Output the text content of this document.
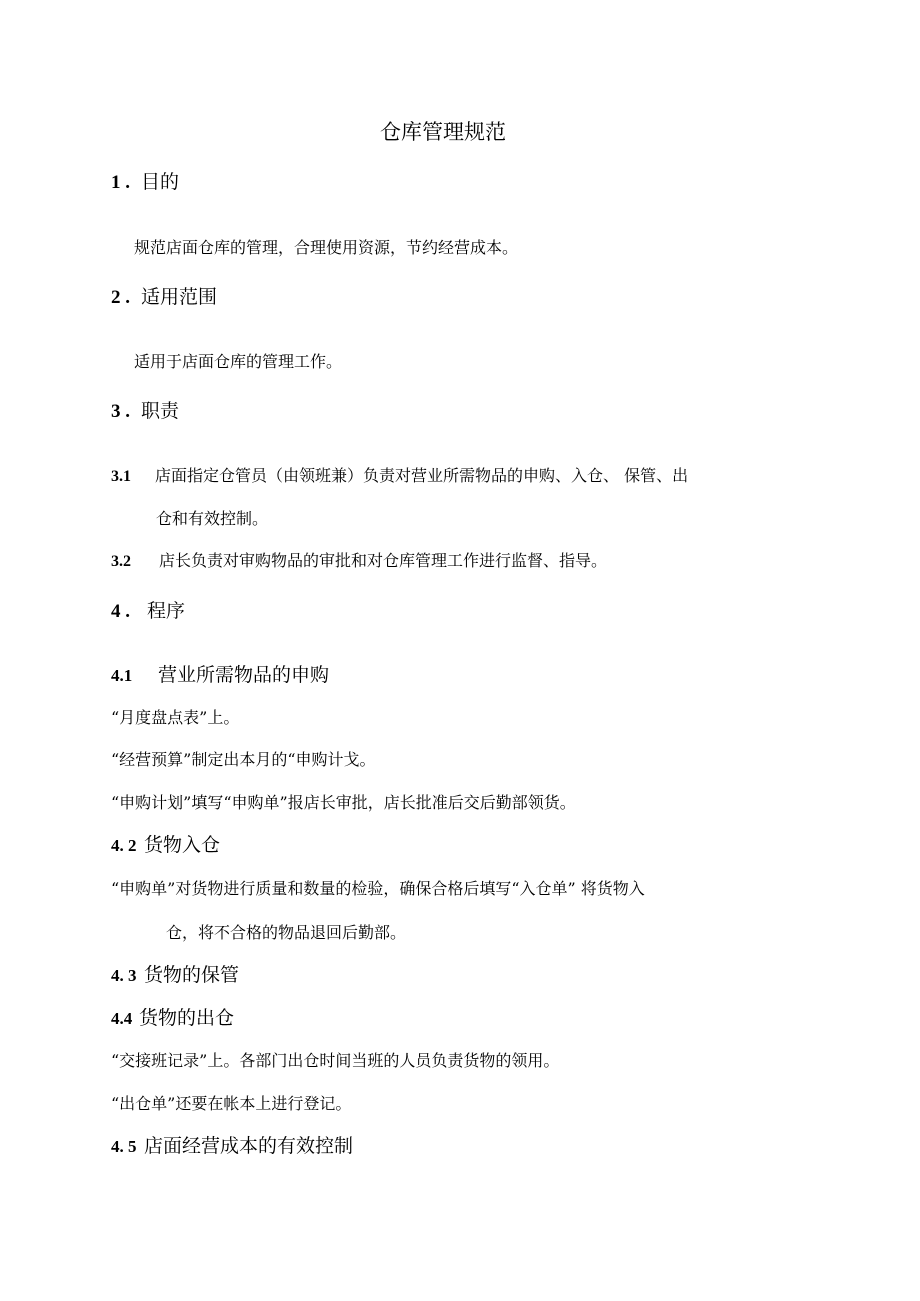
仓库管理规范
1 . 目的
规范店面仓库的管理，合理使用资源，节约经营成本。
2 . 适用范围
适用于店面仓库的管理工作。
3 . 职责
3.1 店面指定仓管员（由领班兼）负责对营业所需物品的申购、入仓、 保管、出
仓和有效控制。
3.2 店长负责对审购物品的审批和对仓库管理工作进行监督、指导。
4 . 程序
4.1 营业所需物品的申购
“月度盘点表”上。
“经营预算”制定出本月的“申购计戈。
“申购计划”填写“申购单”报店长审批，店长批准后交后勤部领货。
4. 2 货物入仓
“申购单”对货物进行质量和数量的检验，确保合格后填写“入仓单” 将货物入
仓，将不合格的物品退回后勤部。
4. 3 货物的保管
4.4 货物的出仓
“交接班记录”上。各部门出仓时间当班的人员负责货物的领用。
“出仓单”还要在帐本上进行登记。
4. 5 店面经营成本的有效控制
